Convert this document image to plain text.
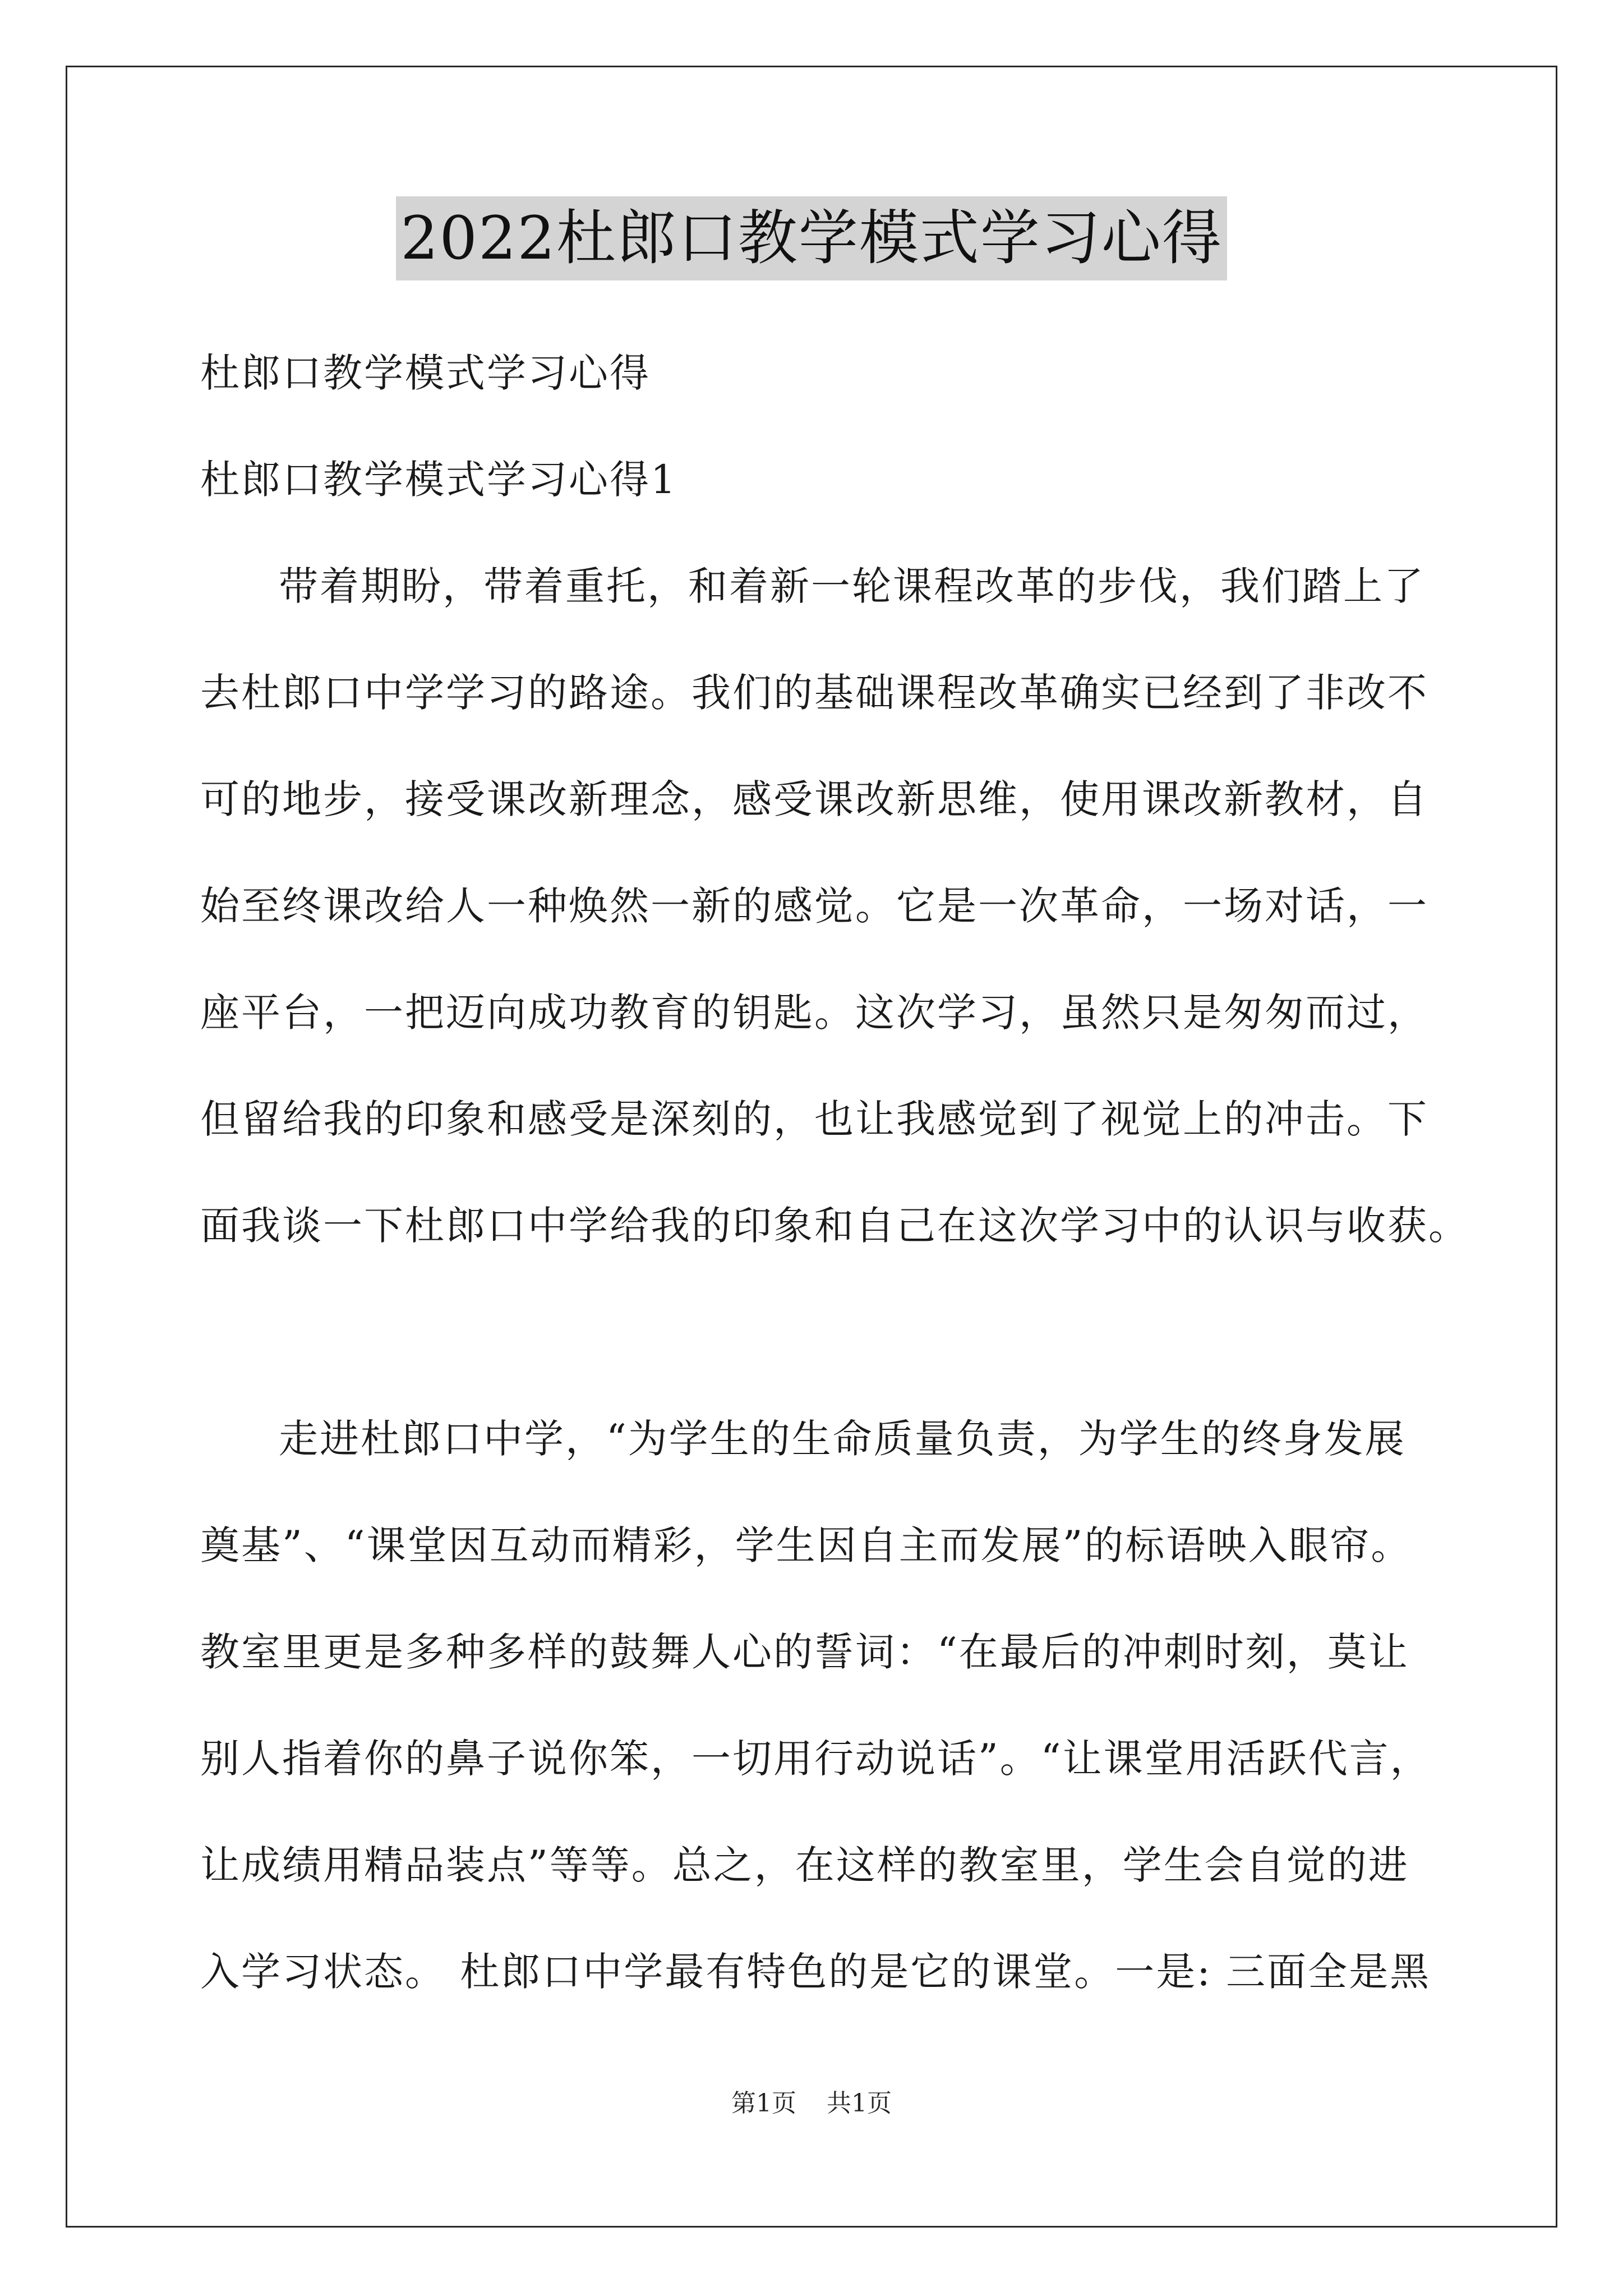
2022杜郎口教学模式学习心得
杜郎口教学模式学习心得
杜郎口教学模式学习心得1
带着期盼，带着重托，和着新一轮课程改革的步伐，我们踏上了
去杜郎口中学学习的路途。我们的基础课程改革确实已经到了非改不
可的地步，接受课改新理念，感受课改新思维，使用课改新教材，自
始至终课改给人一种焕然一新的感觉。它是一次革命，一场对话，一
座平台，一把迈向成功教育的钥匙。这次学习，虽然只是匆匆而过，
但留给我的印象和感受是深刻的，也让我感觉到了视觉上的冲击。下
面我谈一下杜郎口中学给我的印象和自己在这次学习中的认识与收获。
走进杜郎口中学，“为学生的生命质量负责，为学生的终身发展
奠基”、“课堂因互动而精彩，学生因自主而发展”的标语映入眼帘。
教室里更是多种多样的鼓舞人心的誓词：“在最后的冲刺时刻，莫让
别人指着你的鼻子说你笨，一切用行动说话”。“让课堂用活跃代言，
让成绩用精品装点”等等。总之，在这样的教室里，学生会自觉的进
入学习状态。 杜郎口中学最有特色的是它的课堂。一是: 三面全是黑
第1页 共1页
